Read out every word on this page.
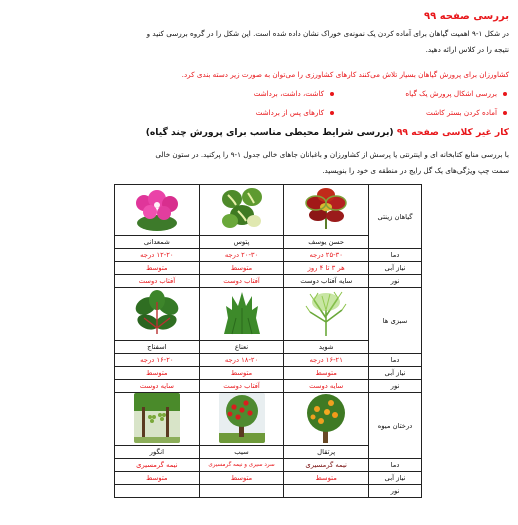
بررسی صفحه ۹۹
در شکل ۱-۹ اهمیت گیاهان برای آماده کردن یک نمونه‌ی خوراک نشان داده شده است. این شکل را در گروه بررسی کنید و
نتیجه را در کلاس ارائه دهید.
کشاورزان برای پرورش گیاهان بسیار تلاش می‌کنند کارهای کشاورزی را می‌توان به صورت زیر دسته بندی کرد.
بررسی اشکال پرورش یک گیاه
کاشت، داشت، برداشت
آماده کردن بستر کاشت
کارهای پس از برداشت
کار غیر کلاسی صفحه ۹۹ (بررسی شرایط محیطی مناسب برای پرورش چند گیاه)
با بررسی منابع کتابخانه ای و اینترنتی یا پرسش از کشاورزان و باغبانان جاهای خالی جدول ۱-۹ را پرکنید. در ستون خالی
سمت چپ ویژگی‌های یک گل رایج در منطقه ی خود را بنویسید.
گیاهان زینتی			
	حسن یوسف	پتوس	شمعدانی
دما	۲۵-۳۰ درجه	۲۰-۳۰ درجه	۱۲-۲۰ درجه
نیاز آبی	هر ۳ تا ۴ روز	متوسط	متوسط
نور	سایه آفتاب دوست	آفتاب دوست	آفتاب دوست
سبزی ها			
	شوید	نعناع	اسفناج
دما	۱۶-۲۱ درجه	۱۸-۲۰ درجه	۱۶-۲۰ درجه
نیاز آبی	متوسط	متوسط	متوسط
نور	سایه دوست	آفتاب دوست	سایه دوست
درختان میوه			
	پرتقال	سیب	انگور
دما	نیمه گرمسیری	سرد سیری و نیمه گرمسیری	نیمه گرمسیری
نیاز آبی	متوسط	متوسط	متوسط
نور			
